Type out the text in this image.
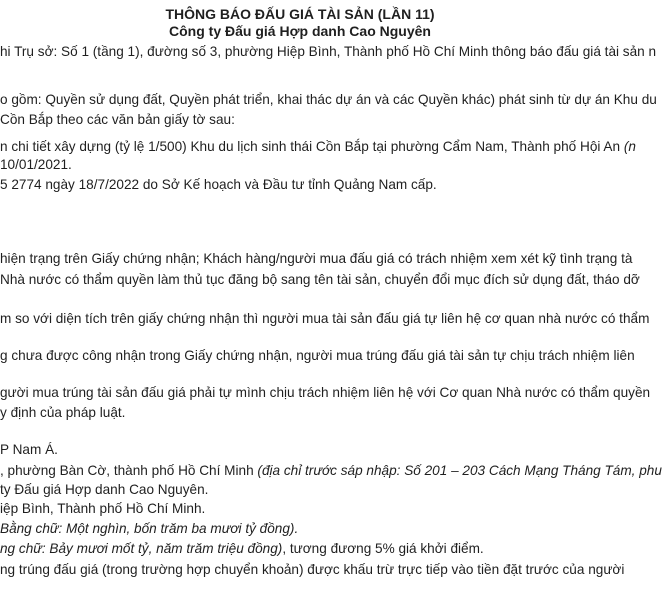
THÔNG BÁO ĐẤU GIÁ TÀI SẢN (LẦN 11)
Công ty Đấu giá Hợp danh Cao Nguyên
hi Trụ sở: Số 1 (tầng 1), đường số 3, phường Hiệp Bình, Thành phố Hồ Chí Minh thông báo đấu giá tài sản n
o gồm: Quyền sử dụng đất, Quyền phát triển, khai thác dự án và các Quyền khác) phát sinh từ dự án Khu du
Cồn Bắp theo các văn bản giấy tờ sau:
n chi tiết xây dựng (tỷ lệ 1/500) Khu du lịch sinh thái Cồn Bắp tại phường Cẩm Nam, Thành phố Hội An (n
10/01/2021.
5 2774 ngày 18/7/2022 do Sở Kế hoạch và Đầu tư tỉnh Quảng Nam cấp.
hiện trạng trên Giấy chứng nhận; Khách hàng/người mua đấu giá có trách nhiệm xem xét kỹ tình trạng tà
Nhà nước có thẩm quyền làm thủ tục đăng bộ sang tên tài sản, chuyển đổi mục đích sử dụng đất, tháo dỡ
m so với diện tích trên giấy chứng nhận thì người mua tài sản đấu giá tự liên hệ cơ quan nhà nước có thẩm
g chưa được công nhận trong Giấy chứng nhận, người mua trúng đấu giá tài sản tự chịu trách nhiệm liên
gười mua trúng tài sản đấu giá phải tự mình chịu trách nhiệm liên hệ với Cơ quan Nhà nước có thẩm quyền
y định của pháp luật.
P Nam Á.
, phường Bàn Cờ, thành phố Hồ Chí Minh (địa chỉ trước sáp nhập: Số 201 – 203 Cách Mạng Tháng Tám, phu
ty Đấu giá Hợp danh Cao Nguyên.
iệp Bình, Thành phố Hồ Chí Minh.
Bằng chữ: Một nghìn, bốn trăm ba mươi tỷ đồng).
ng chữ: Bảy mươi mốt tỷ, năm trăm triệu đồng), tương đương 5% giá khởi điểm.
ng trúng đấu giá (trong trường hợp chuyển khoản) được khấu trừ trực tiếp vào tiền đặt trước của người
